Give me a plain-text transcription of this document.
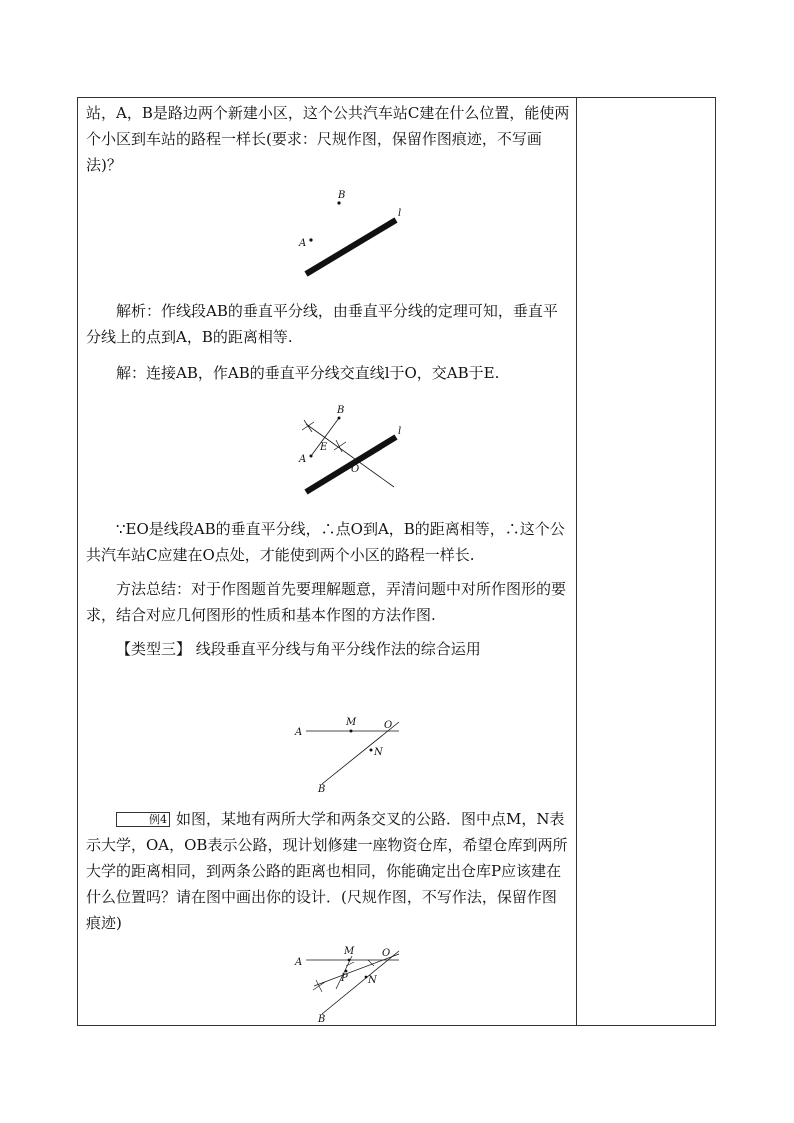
站，A，B是路边两个新建小区，这个公共汽车站C建在什么位置，能使两个小区到车站的路程一样长(要求：尺规作图，保留作图痕迹，不写画法)？

A
B
l

解析：作线段AB的垂直平分线，由垂直平分线的定理可知，垂直平分线上的点到A，B的距离相等.

解：连接AB，作AB的垂直平分线交直线l于O，交AB于E.

A
B
E
O
l

∵EO是线段AB的垂直平分线，∴点O到A，B的距离相等，∴这个公共汽车站C应建在O点处，才能使到两个小区的路程一样长.

方法总结：对于作图题首先要理解题意，弄清问题中对所作图形的要求，结合对应几何图形的性质和基本作图的方法作图.

【类型三】 线段垂直平分线与角平分线作法的综合运用

A
M	O
N
B

例4 如图，某地有两所大学和两条交叉的公路．图中点M，N表示大学，OA，OB表示公路，现计划修建一座物资仓库，希望仓库到两所大学的距离相同，到两条公路的距离也相同，你能确定出仓库P应该建在什么位置吗？请在图中画出你的设计．(尺规作图，不写作法，保留作图痕迹)

A
M	O
N
P
B
